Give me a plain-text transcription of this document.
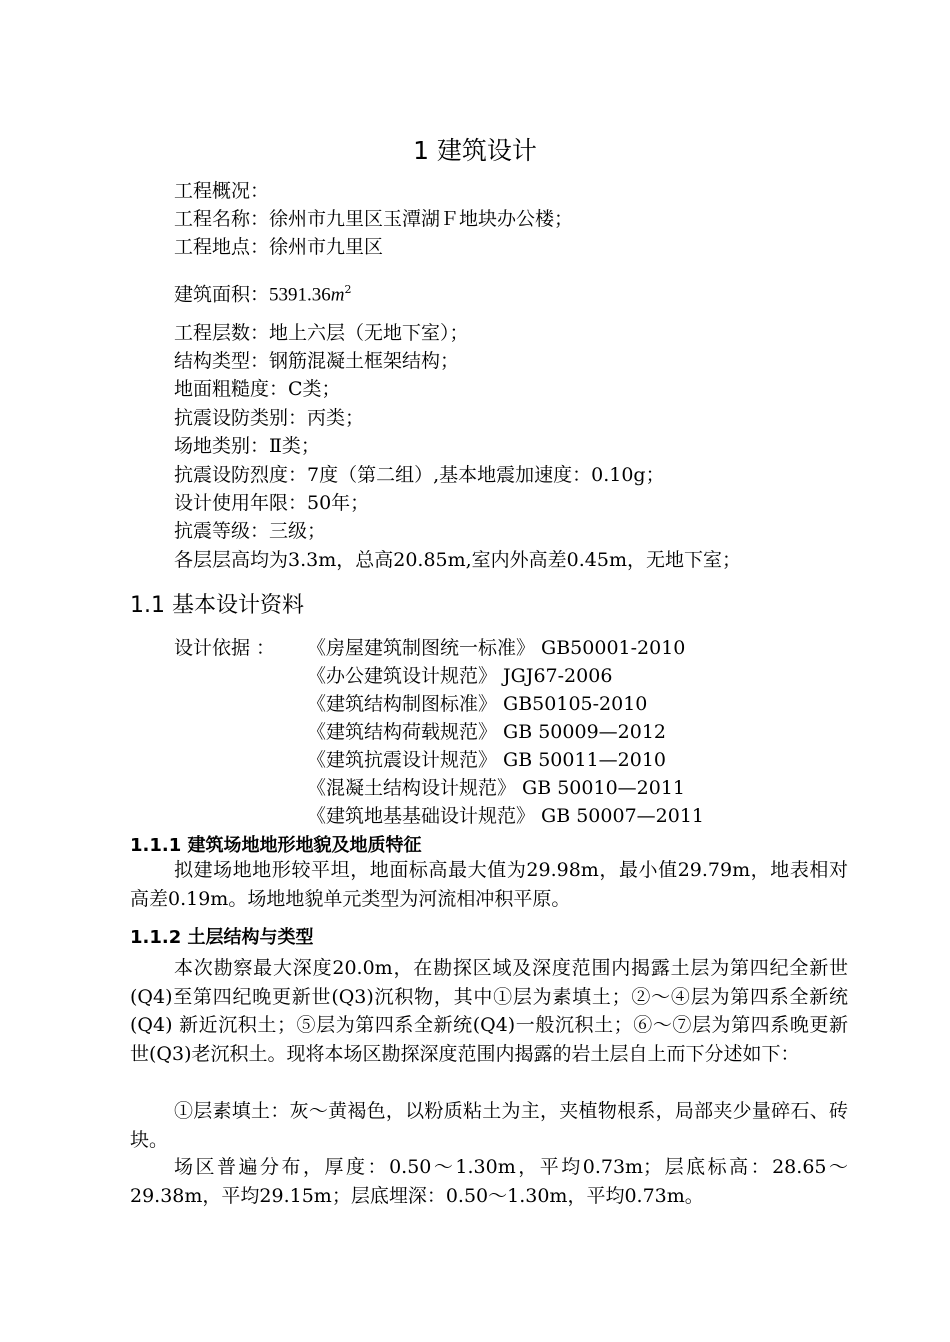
1 建筑设计
工程概况：
工程名称：徐州市九里区玉潭湖Ｆ地块办公楼；
工程地点：徐州市九里区
建筑面积：$5391.36m^2$
工程层数：地上六层（无地下室）；
结构类型：钢筋混凝土框架结构；
地面粗糙度：C类；
抗震设防类别：丙类；
场地类别：Ⅱ类；
抗震设防烈度：7度（第二组）,基本地震加速度：0.10g；
设计使用年限：50年；
抗震等级：三级；
各层层高均为3.3m，总高20.85m,室内外高差0.45m，无地下室；
1.1 基本设计资料
设计依据 ： 《房屋建筑制图统一标准》 GB50001-2010
《办公建筑设计规范》 JGJ67-2006
《建筑结构制图标准》 GB50105-2010
《建筑结构荷载规范》 GB 50009—2012
《建筑抗震设计规范》 GB 50011—2010
《混凝土结构设计规范》 GB 50010—2011
《建筑地基基础设计规范》 GB 50007—2011
1.1.1 建筑场地地形地貌及地质特征
拟建场地地形较平坦，地面标高最大值为29.98m，最小值29.79m，地表相对高差0.19m。场地地貌单元类型为河流相冲积平原。
1.1.2 土层结构与类型
本次勘察最大深度20.0m，在勘探区域及深度范围内揭露土层为第四纪全新世(Q4)至第四纪晚更新世(Q3)沉积物，其中①层为素填土；②～④层为第四系全新统(Q4) 新近沉积土；⑤层为第四系全新统(Q4)一般沉积土；⑥～⑦层为第四系晚更新世(Q3)老沉积土。现将本场区勘探深度范围内揭露的岩土层自上而下分述如下：
①层素填土：灰～黄褐色，以粉质粘土为主，夹植物根系，局部夹少量碎石、砖块。
场区普遍分布，厚度：0.50～1.30m，平均0.73m；层底标高：28.65～29.38m，平均29.15m；层底埋深：0.50～1.30m，平均0.73m。
